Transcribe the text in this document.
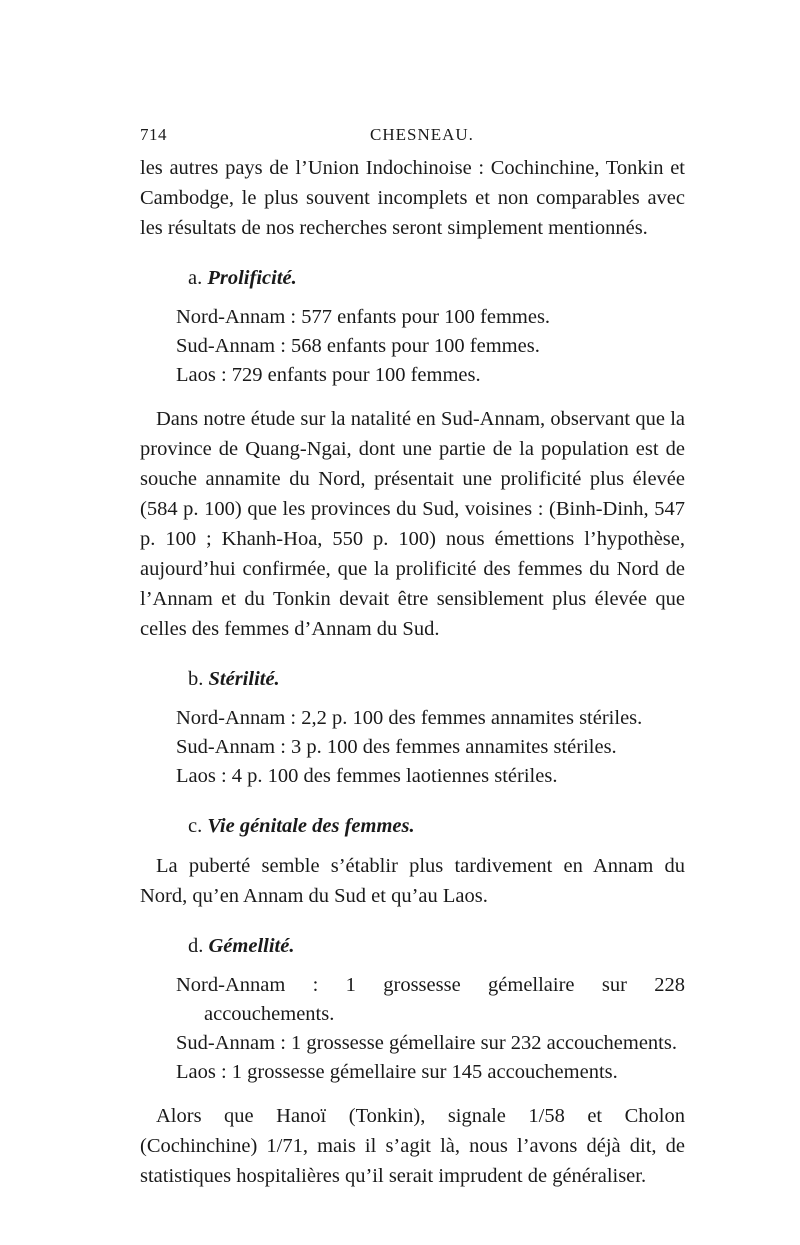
714	CHESNEAU.

les autres pays de l’Union Indochinoise : Cochinchine, Tonkin et Cambodge, le plus souvent incomplets et non comparables avec les résultats de nos recherches seront simplement mentionnés.

a. Prolificité.

Nord-Annam : 577 enfants pour 100 femmes.

Sud-Annam : 568 enfants pour 100 femmes.

Laos : 729 enfants pour 100 femmes.

Dans notre étude sur la natalité en Sud-Annam, observant que la province de Quang-Ngai, dont une partie de la population est de souche annamite du Nord, présentait une prolificité plus élevée (584 p. 100) que les provinces du Sud, voisines : (Binh-Dinh, 547 p. 100 ; Khanh-Hoa, 550 p. 100) nous émettions l’hypothèse, aujourd’hui confirmée, que la prolificité des femmes du Nord de l’Annam et du Tonkin devait être sensiblement plus élevée que celles des femmes d’Annam du Sud.

b. Stérilité.

Nord-Annam : 2,2 p. 100 des femmes annamites stériles.

Sud-Annam : 3 p. 100 des femmes annamites stériles.

Laos : 4 p. 100 des femmes laotiennes stériles.

c. Vie génitale des femmes.

La puberté semble s’établir plus tardivement en Annam du Nord, qu’en Annam du Sud et qu’au Laos.

d. Gémellité.

Nord-Annam : 1 grossesse gémellaire sur 228 accouchements.

Sud-Annam : 1 grossesse gémellaire sur 232 accouchements.

Laos : 1 grossesse gémellaire sur 145 accouchements.

Alors que Hanoï (Tonkin), signale 1/58 et Cholon (Cochinchine) 1/71, mais il s’agit là, nous l’avons déjà dit, de statistiques hospitalières qu’il serait imprudent de généraliser.
